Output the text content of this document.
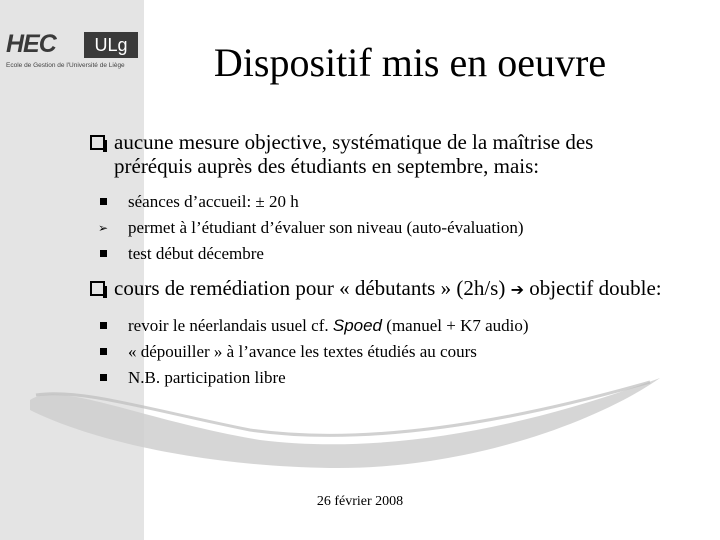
HEC	ULg
Ecole de Gestion de l'Université de Liège	Dispositif mis en oeuvre
aucune mesure objective, systématique de la maîtrise des préréquis auprès des étudiants en septembre, mais:
séances d’accueil: ± 20 h
➢ permet à l’étudiant d’évaluer son niveau (auto-évaluation)
test début décembre
cours de remédiation pour « débutants » (2h/s) ➔ objectif double:
revoir le néerlandais usuel cf. Spoed (manuel + K7 audio)
« dépouiller » à l’avance les textes étudiés au cours
N.B. participation libre
26 février 2008
